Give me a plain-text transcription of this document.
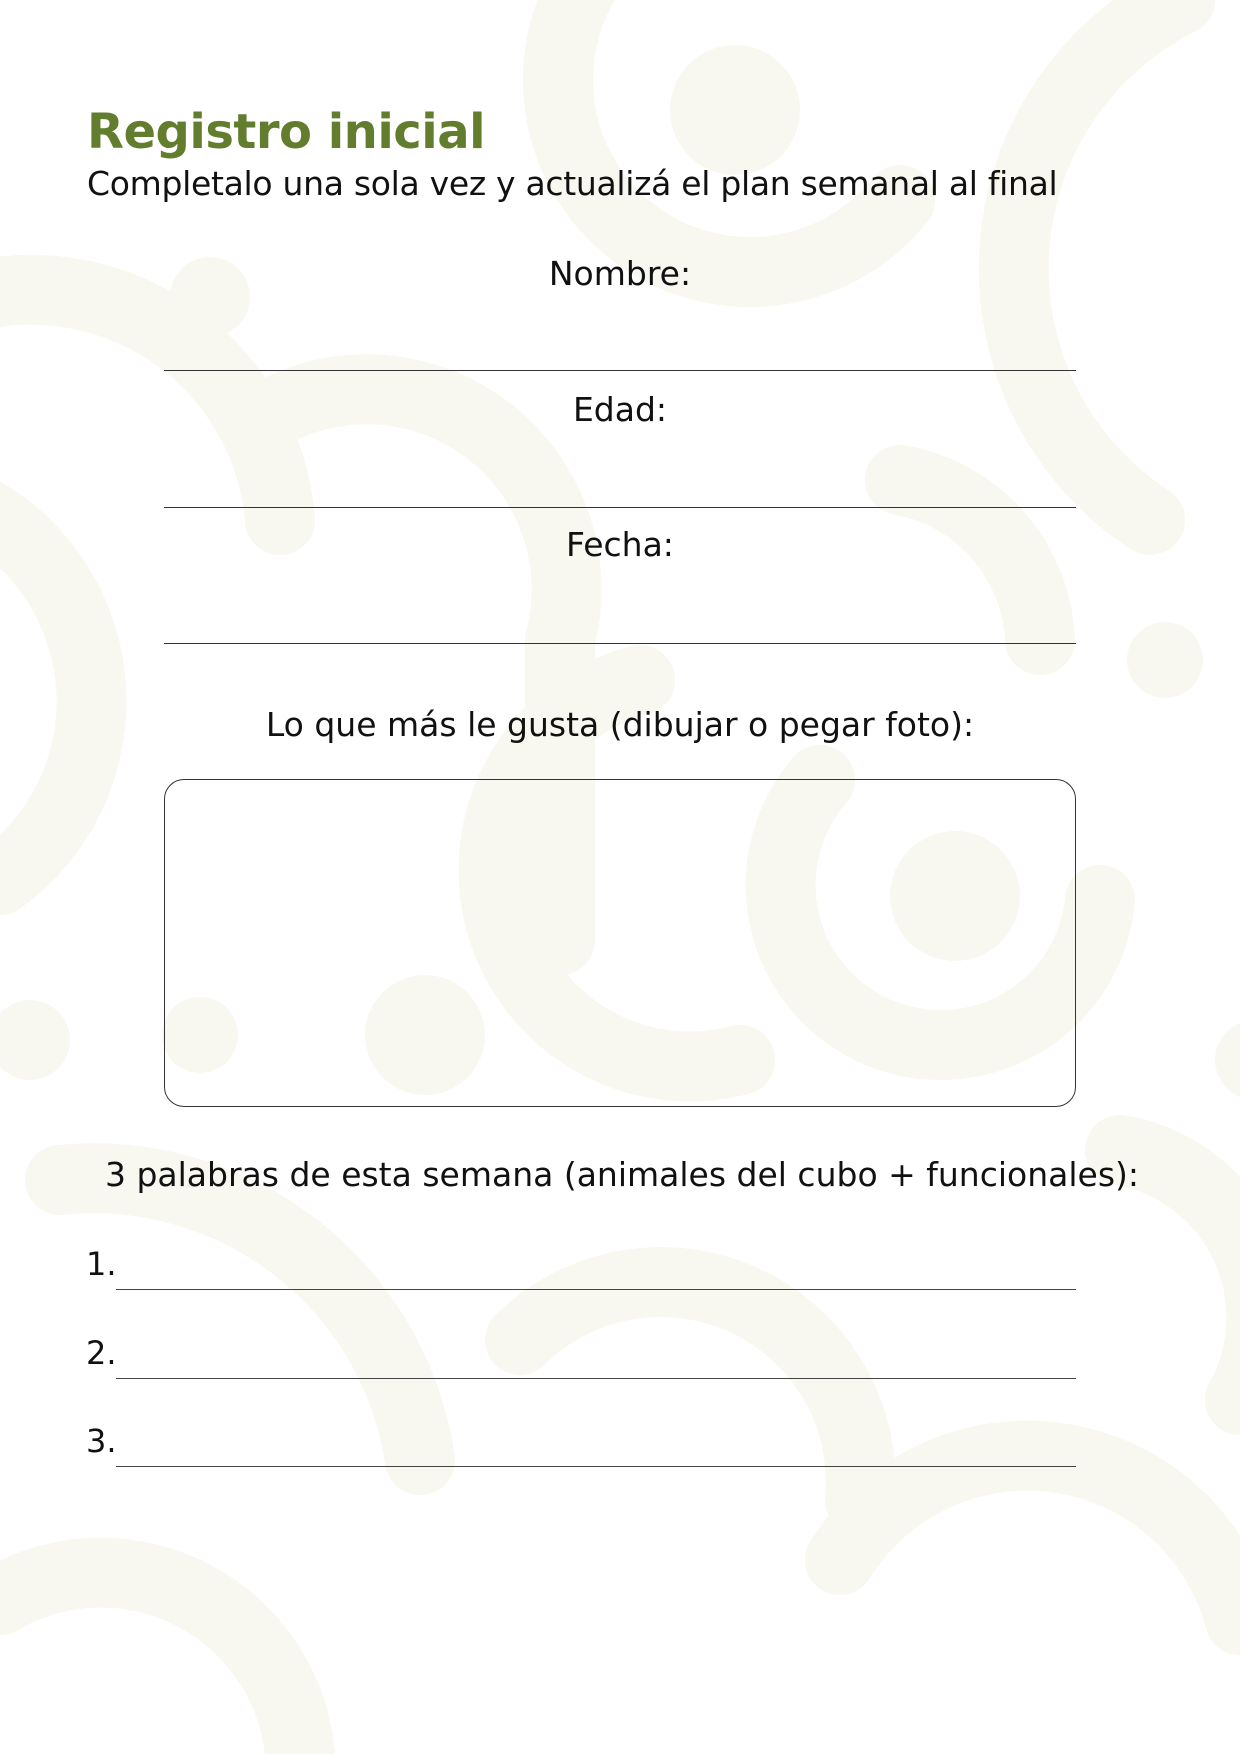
Registro inicial
Completalo una sola vez y actualizá el plan semanal al final
Nombre:
Edad:
Fecha:
Lo que más le gusta (dibujar o pegar foto):
3 palabras de esta semana (animales del cubo + funcionales):
1.
2.
3.
